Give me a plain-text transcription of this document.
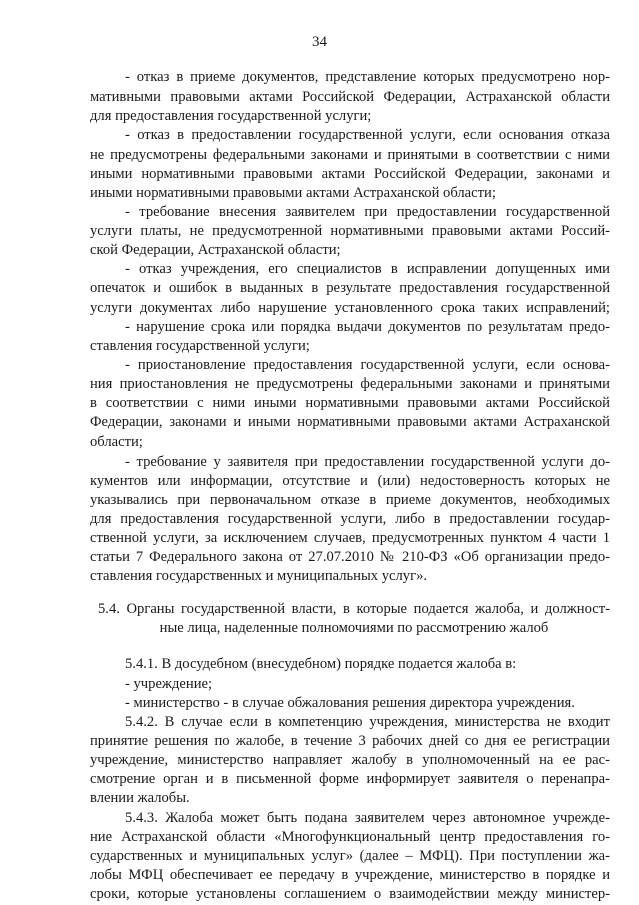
34
- отказ в приеме документов, представление которых предусмотрено нор-
мативными правовыми актами Российской Федерации, Астраханской области
для предоставления государственной услуги;
- отказ в предоставлении государственной услуги, если основания отказа
не предусмотрены федеральными законами и принятыми в соответствии с ними
иными нормативными правовыми актами Российской Федерации, законами и
иными нормативными правовыми актами Астраханской области;
- требование внесения заявителем при предоставлении государственной
услуги платы, не предусмотренной нормативными правовыми актами Россий-
ской Федерации, Астраханской области;
- отказ учреждения, его специалистов в исправлении допущенных ими
опечаток и ошибок в выданных в результате предоставления государственной
услуги документах либо нарушение установленного срока таких исправлений;
- нарушение срока или порядка выдачи документов по результатам предо-
ставления государственной услуги;
- приостановление предоставления государственной услуги, если основа-
ния приостановления не предусмотрены федеральными законами и принятыми
в соответствии с ними иными нормативными правовыми актами Российской
Федерации, законами и иными нормативными правовыми актами Астраханской
области;
- требование у заявителя при предоставлении государственной услуги до-
кументов или информации, отсутствие и (или) недостоверность которых не
указывались при первоначальном отказе в приеме документов, необходимых
для предоставления государственной услуги, либо в предоставлении государ-
ственной услуги, за исключением случаев, предусмотренных пунктом 4 части 1
статьи 7 Федерального закона от 27.07.2010 № 210-ФЗ «Об организации предо-
ставления государственных и муниципальных услуг».
5.4. Органы государственной власти, в которые подается жалоба, и должност-
ные лица, наделенные полномочиями по рассмотрению жалоб
5.4.1. В досудебном (внесудебном) порядке подается жалоба в:
- учреждение;
- министерство - в случае обжалования решения директора учреждения.
5.4.2. В случае если в компетенцию учреждения, министерства не входит
принятие решения по жалобе, в течение 3 рабочих дней со дня ее регистрации
учреждение, министерство направляет жалобу в уполномоченный на ее рас-
смотрение орган и в письменной форме информирует заявителя о перенапра-
влении жалобы.
5.4.3. Жалоба может быть подана заявителем через автономное учрежде-
ние Астраханской области «Многофункциональный центр предоставления го-
сударственных и муниципальных услуг» (далее – МФЦ). При поступлении жа-
лобы МФЦ обеспечивает ее передачу в учреждение, министерство в порядке и
сроки, которые установлены соглашением о взаимодействии между министер-
